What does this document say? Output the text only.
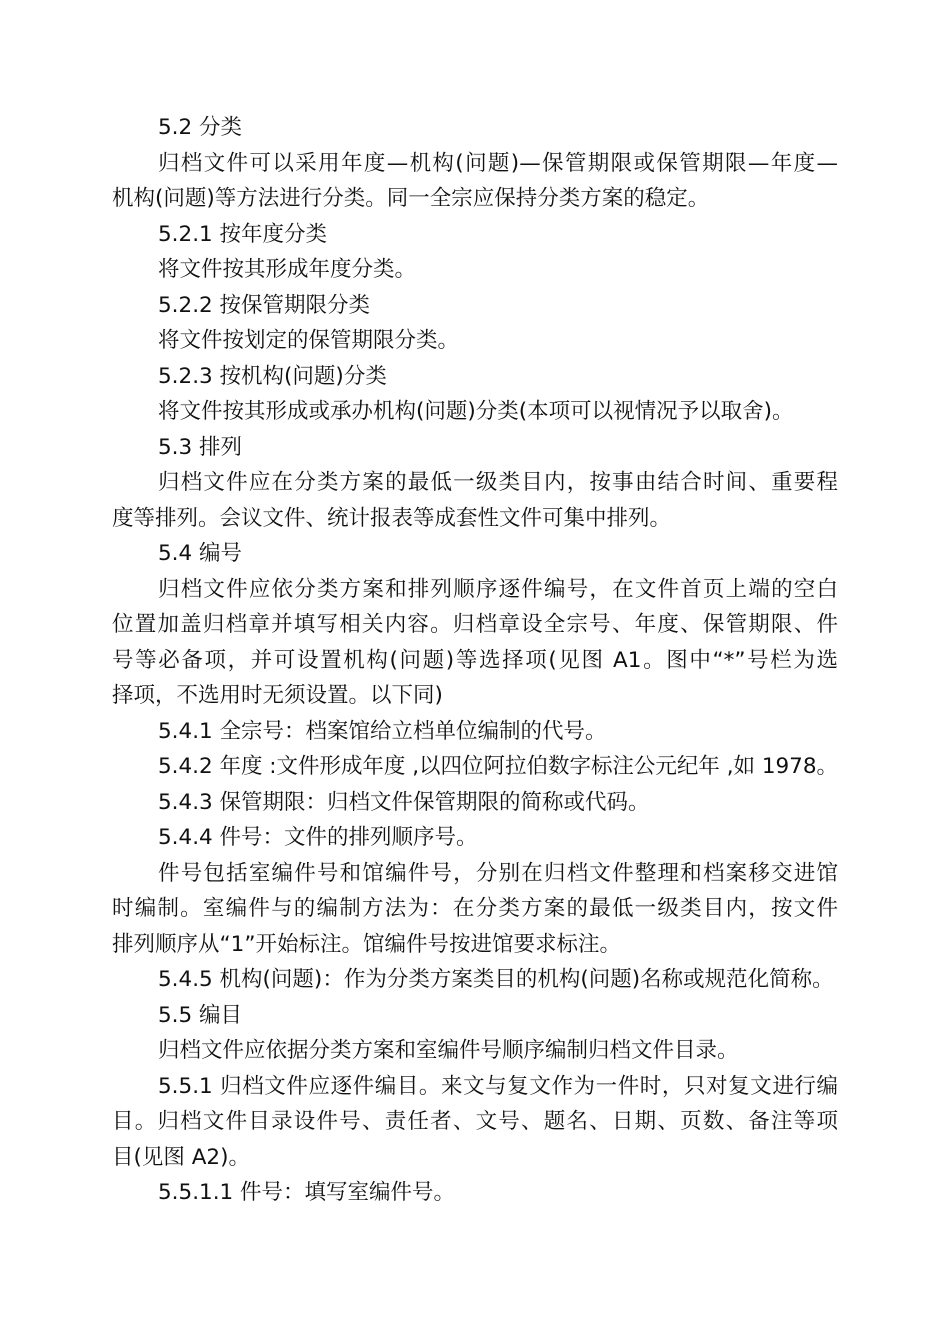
5.2 分类
归档文件可以采用年度—机构(问题)—保管期限或保管期限—年度—
机构(问题)等方法进行分类。同一全宗应保持分类方案的稳定。
5.2.1 按年度分类
将文件按其形成年度分类。
5.2.2 按保管期限分类
将文件按划定的保管期限分类。
5.2.3 按机构(问题)分类
将文件按其形成或承办机构(问题)分类(本项可以视情况予以取舍)。
5.3 排列
归档文件应在分类方案的最低一级类目内，按事由结合时间、重要程
度等排列。会议文件、统计报表等成套性文件可集中排列。
5.4 编号
归档文件应依分类方案和排列顺序逐件编号，在文件首页上端的空白
位置加盖归档章并填写相关内容。归档章设全宗号、年度、保管期限、件
号等必备项，并可设置机构(问题)等选择项(见图 A1。图中“*”号栏为选
择项，不选用时无须设置。以下同)
5.4.1 全宗号：档案馆给立档单位编制的代号。
5.4.2 年度 :文件形成年度 ,以四位阿拉伯数字标注公元纪年 ,如 1978。
5.4.3 保管期限：归档文件保管期限的简称或代码。
5.4.4 件号：文件的排列顺序号。
件号包括室编件号和馆编件号，分别在归档文件整理和档案移交进馆
时编制。室编件与的编制方法为：在分类方案的最低一级类目内，按文件
排列顺序从“1”开始标注。馆编件号按进馆要求标注。
5.4.5 机构(问题)：作为分类方案类目的机构(问题)名称或规范化简称。
5.5 编目
归档文件应依据分类方案和室编件号顺序编制归档文件目录。
5.5.1 归档文件应逐件编目。来文与复文作为一件时，只对复文进行编
目。归档文件目录设件号、责任者、文号、题名、日期、页数、备注等项
目(见图 A2)。
5.5.1.1 件号：填写室编件号。
